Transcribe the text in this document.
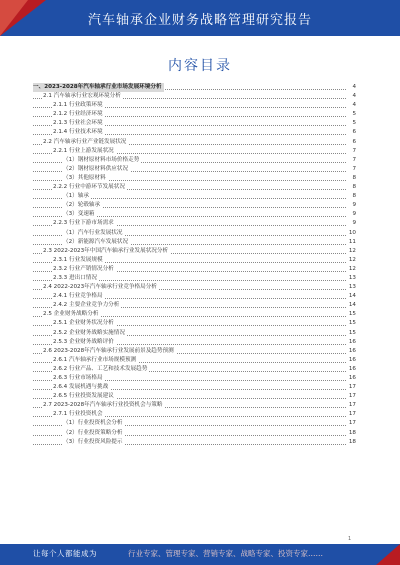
汽车轴承企业财务战略管理研究报告
内容目录
一、2023-2028年汽车轴承行业市场发展环境分析	4
2.1 汽车轴承行业宏观环境分析	4
2.1.1 行业政策环境	4
2.1.2 行业经济环境	5
2.1.3 行业社会环境	5
2.1.4 行业技术环境	6
2.2 汽车轴承行业产业链发展状况	6
2.2.1 行业上游发展状况	7
（1）钢材原材料市场价格走势	7
（2）钢材原材料供应状况	7
（3）其他原材料	8
2.2.2 行业中游环节发展状况	8
（1）轴承	8
（2）轮毂轴承	9
（3）变速箱	9
2.2.3 行业下游市场需求	9
（1）汽车行业发展状况	10
（2）新能源汽车发展状况	11
2.3 2022-2023年中国汽车轴承行业发展状况分析	12
2.3.1 行业发展规模	12
2.3.2 行业产销情况分析	12
2.3.3 进出口情况	13
2.4 2022-2023年汽车轴承行业竞争格局分析	13
2.4.1 行业竞争格局	14
2.4.2 主要企业竞争力分析	14
2.5 企业财务战略分析	15
2.5.1 企业财务状况分析	15
2.5.2 企业财务战略实施情况	15
2.5.3 企业财务战略评价	16
2.6 2023-2028年汽车轴承行业发展前景及趋势预测	16
2.6.1 汽车轴承行业市场规模预测	16
2.6.2 行业产品、工艺和技术发展趋势	16
2.6.3 行业市场格局	16
2.6.4 发展机遇与挑战	17
2.6.5 行业投资发展建议	17
2.7 2023-2028年汽车轴承行业投资机会与策略	17
2.7.1 行业投资机会	17
（1）行业投资机会分析	17
（2）行业投资策略分析	18
（3）行业投资风险提示	18
1
让每个人都能成为	行业专家、管理专家、营销专家、战略专家、投资专家……
